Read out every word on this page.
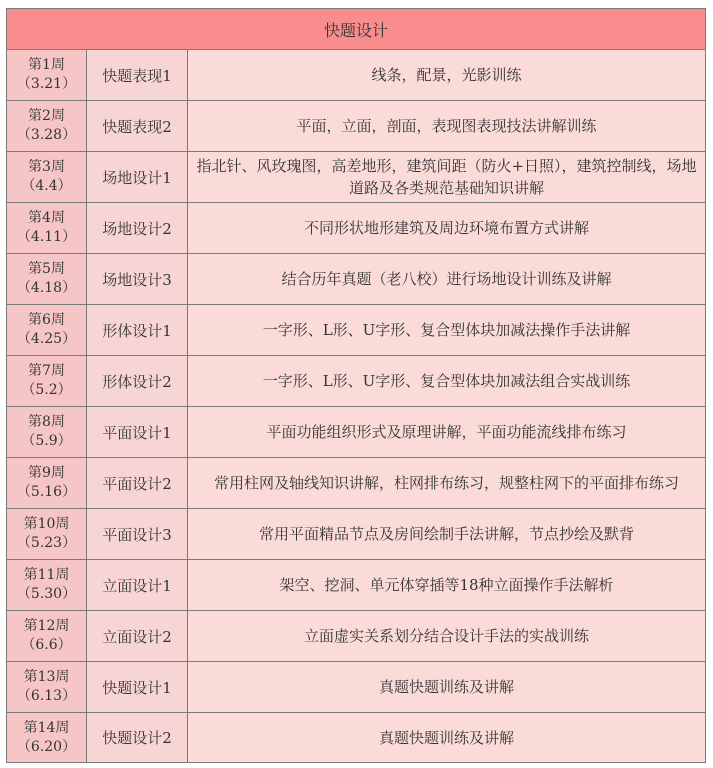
快题设计		

第1周
（3.21）	快题表现1	线条，配景，光影训练

第2周
（3.28）	快题表现2	平面，立面，剖面，表现图表现技法讲解训练

第3周
（4.4）	场地设计1	指北针、风玫瑰图，高差地形，建筑间距（防火+日照），建筑控制线，场地道路及各类规范基础知识讲解

第4周
（4.11）	场地设计2	不同形状地形建筑及周边环境布置方式讲解

第5周
（4.18）	场地设计3	结合历年真题（老八校）进行场地设计训练及讲解

第6周
（4.25）	形体设计1	一字形、L形、U字形、复合型体块加减法操作手法讲解

第7周
（5.2）	形体设计2	一字形、L形、U字形、复合型体块加减法组合实战训练

第8周
（5.9）	平面设计1	平面功能组织形式及原理讲解，平面功能流线排布练习

第9周
（5.16）	平面设计2	常用柱网及轴线知识讲解，柱网排布练习，规整柱网下的平面排布练习

第10周
（5.23）	平面设计3	常用平面精品节点及房间绘制手法讲解，节点抄绘及默背

第11周
（5.30）	立面设计1	架空、挖洞、单元体穿插等18种立面操作手法解析

第12周
（6.6）	立面设计2	立面虚实关系划分结合设计手法的实战训练

第13周
（6.13）	快题设计1	真题快题训练及讲解

第14周
（6.20）	快题设计2	真题快题训练及讲解
